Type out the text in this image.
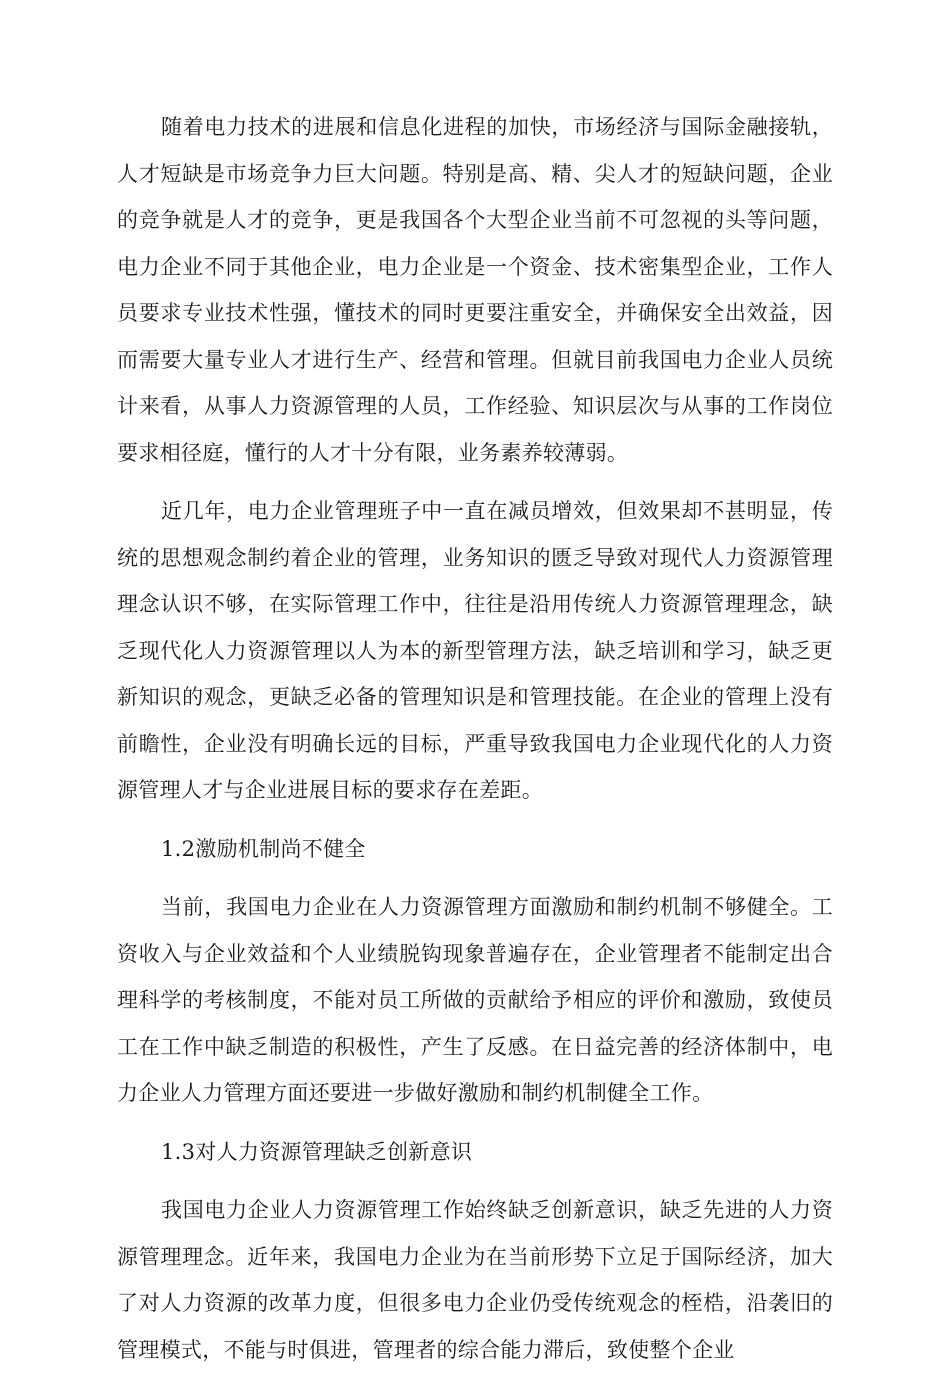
随着电力技术的进展和信息化进程的加快，市场经济与国际金融接轨，人才短缺是市场竞争力巨大问题。特别是高、精、尖人才的短缺问题，企业的竞争就是人才的竞争，更是我国各个大型企业当前不可忽视的头等问题，电力企业不同于其他企业，电力企业是一个资金、技术密集型企业，工作人员要求专业技术性强，懂技术的同时更要注重安全，并确保安全出效益，因而需要大量专业人才进行生产、经营和管理。但就目前我国电力企业人员统计来看，从事人力资源管理的人员，工作经验、知识层次与从事的工作岗位要求相径庭，懂行的人才十分有限，业务素养较薄弱。

近几年，电力企业管理班子中一直在减员增效，但效果却不甚明显，传统的思想观念制约着企业的管理，业务知识的匮乏导致对现代人力资源管理理念认识不够，在实际管理工作中，往往是沿用传统人力资源管理理念，缺乏现代化人力资源管理以人为本的新型管理方法，缺乏培训和学习，缺乏更新知识的观念，更缺乏必备的管理知识是和管理技能。在企业的管理上没有前瞻性，企业没有明确长远的目标，严重导致我国电力企业现代化的人力资源管理人才与企业进展目标的要求存在差距。

1.2激励机制尚不健全

当前，我国电力企业在人力资源管理方面激励和制约机制不够健全。工资收入与企业效益和个人业绩脱钩现象普遍存在，企业管理者不能制定出合理科学的考核制度，不能对员工所做的贡献给予相应的评价和激励，致使员工在工作中缺乏制造的积极性，产生了反感。在日益完善的经济体制中，电力企业人力管理方面还要进一步做好激励和制约机制健全工作。

1.3对人力资源管理缺乏创新意识

我国电力企业人力资源管理工作始终缺乏创新意识，缺乏先进的人力资源管理理念。近年来，我国电力企业为在当前形势下立足于国际经济，加大了对人力资源的改革力度，但很多电力企业仍受传统观念的桎梏，沿袭旧的管理模式，不能与时俱进，管理者的综合能力滞后，致使整个企业
